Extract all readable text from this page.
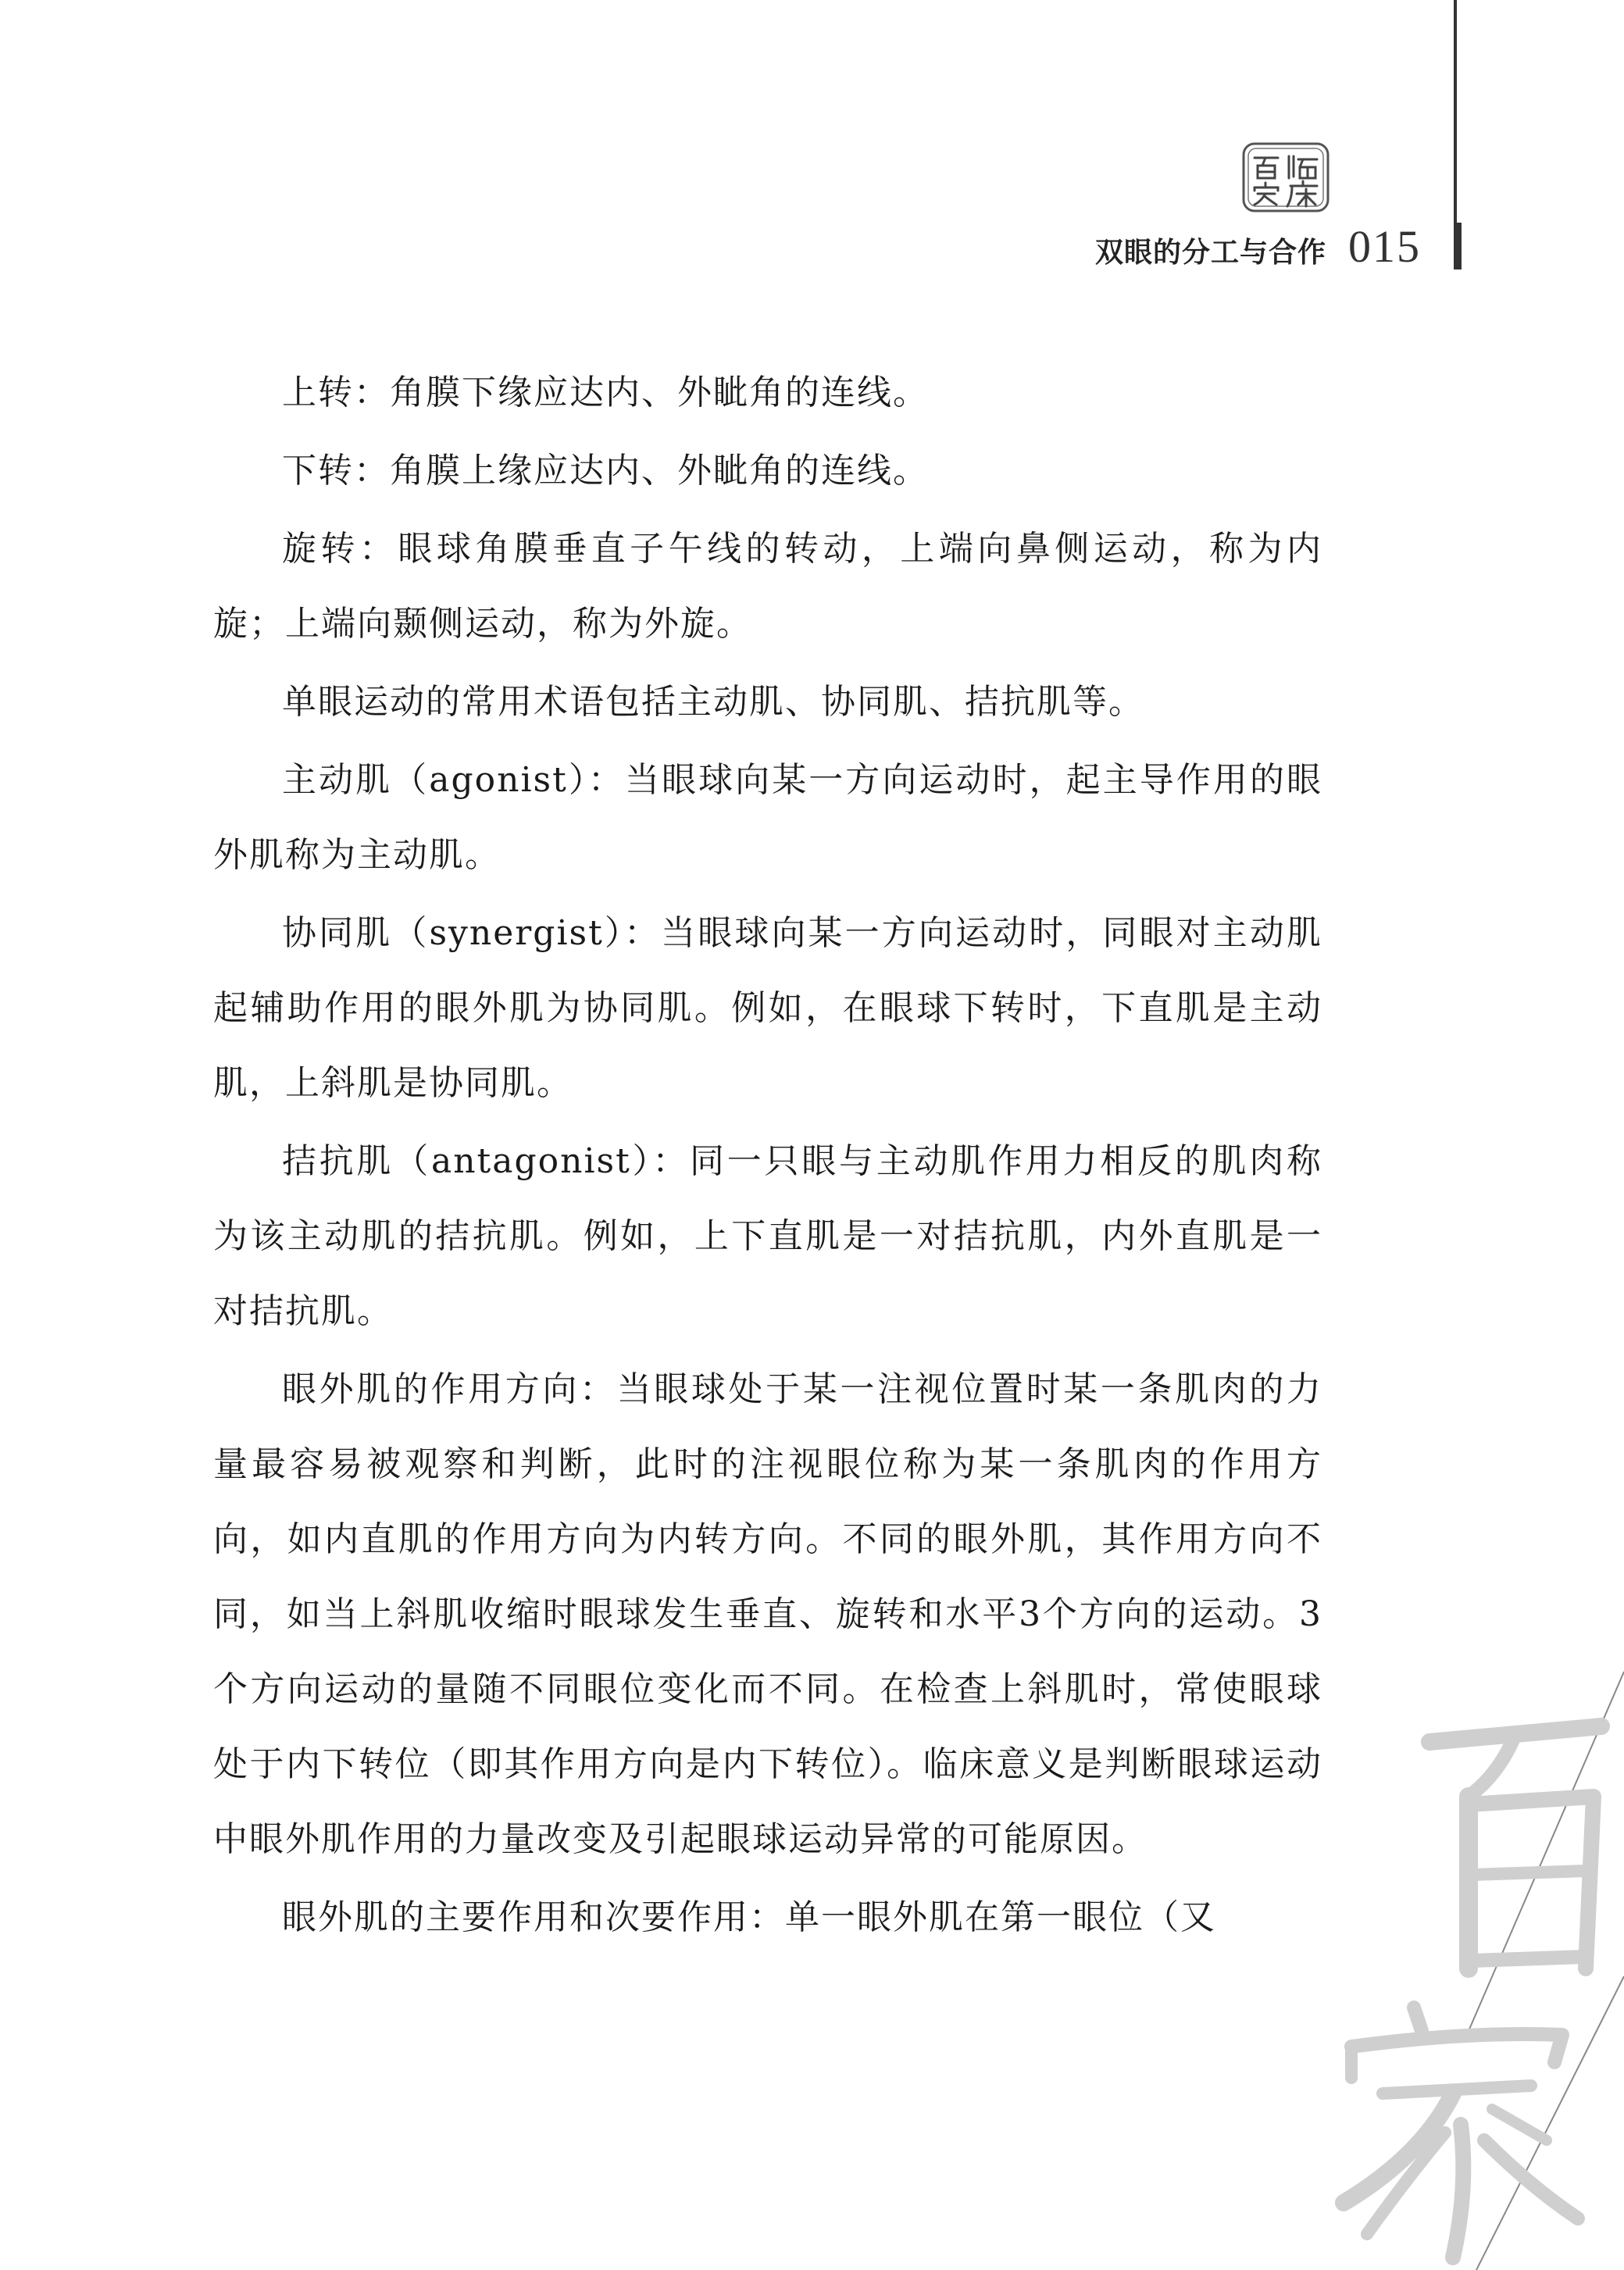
双眼的分工与合作 015

上转：角膜下缘应达内、外眦角的连线。

下转：角膜上缘应达内、外眦角的连线。

旋转：眼球角膜垂直子午线的转动，上端向鼻侧运动，称为内旋；上端向颞侧运动，称为外旋。

单眼运动的常用术语包括主动肌、协同肌、拮抗肌等。

主动肌（agonist）：当眼球向某一方向运动时，起主导作用的眼外肌称为主动肌。

协同肌（synergist）：当眼球向某一方向运动时，同眼对主动肌起辅助作用的眼外肌为协同肌。例如，在眼球下转时，下直肌是主动肌，上斜肌是协同肌。

拮抗肌（antagonist）：同一只眼与主动肌作用力相反的肌肉称为该主动肌的拮抗肌。例如，上下直肌是一对拮抗肌，内外直肌是一对拮抗肌。

眼外肌的作用方向：当眼球处于某一注视位置时某一条肌肉的力量最容易被观察和判断，此时的注视眼位称为某一条肌肉的作用方向，如内直肌的作用方向为内转方向。不同的眼外肌，其作用方向不同，如当上斜肌收缩时眼球发生垂直、旋转和水平3个方向的运动。3个方向运动的量随不同眼位变化而不同。在检查上斜肌时，常使眼球处于内下转位（即其作用方向是内下转位）。临床意义是判断眼球运动中眼外肌作用的力量改变及引起眼球运动异常的可能原因。

眼外肌的主要作用和次要作用：单一眼外肌在第一眼位（又
